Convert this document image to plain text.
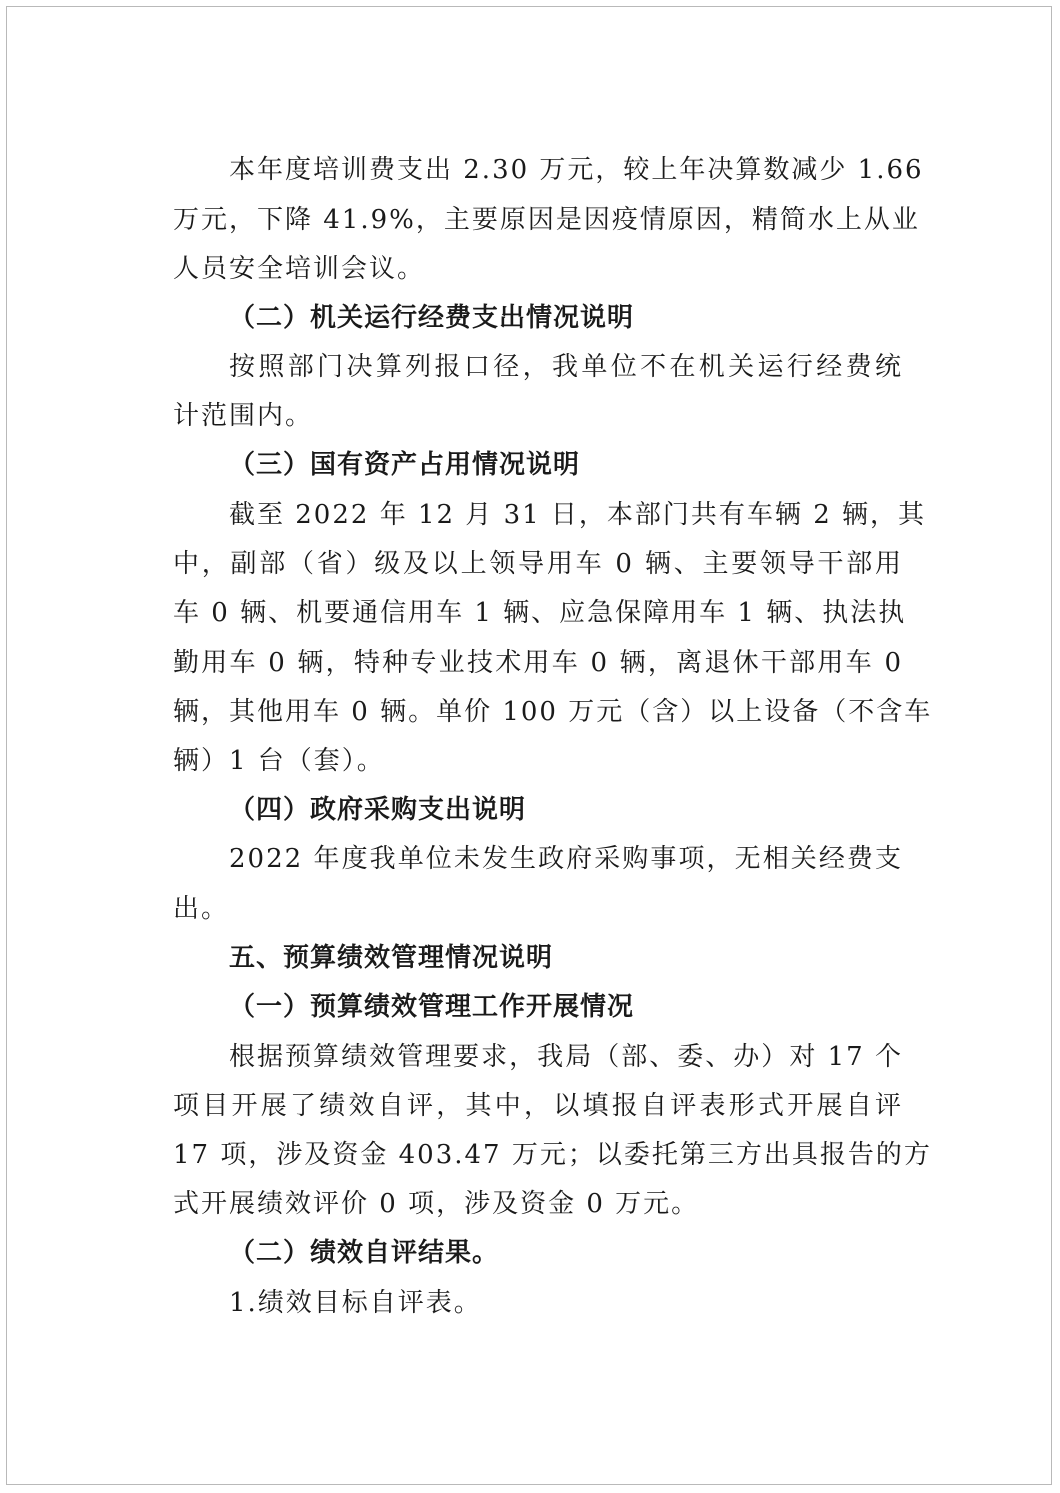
本年度培训费支出 2.30 万元，较上年决算数减少 1.66
万元，下降 41.9%，主要原因是因疫情原因，精简水上从业
人员安全培训会议。
（二）机关运行经费支出情况说明
按照部门决算列报口径，我单位不在机关运行经费统
计范围内。
（三）国有资产占用情况说明
截至 2022 年 12 月 31 日，本部门共有车辆 2 辆，其
中，副部（省）级及以上领导用车 0 辆、主要领导干部用
车 0 辆、机要通信用车 1 辆、应急保障用车 1 辆、执法执
勤用车 0 辆，特种专业技术用车 0 辆，离退休干部用车 0
辆，其他用车 0 辆。单价 100 万元（含）以上设备（不含车
辆）1 台（套）。
（四）政府采购支出说明
2022 年度我单位未发生政府采购事项，无相关经费支
出。
五、预算绩效管理情况说明
（一）预算绩效管理工作开展情况
根据预算绩效管理要求，我局（部、委、办）对 17 个
项目开展了绩效自评，其中，以填报自评表形式开展自评
17 项，涉及资金 403.47 万元；以委托第三方出具报告的方
式开展绩效评价 0 项，涉及资金 0 万元。
（二）绩效自评结果。
1.绩效目标自评表。
